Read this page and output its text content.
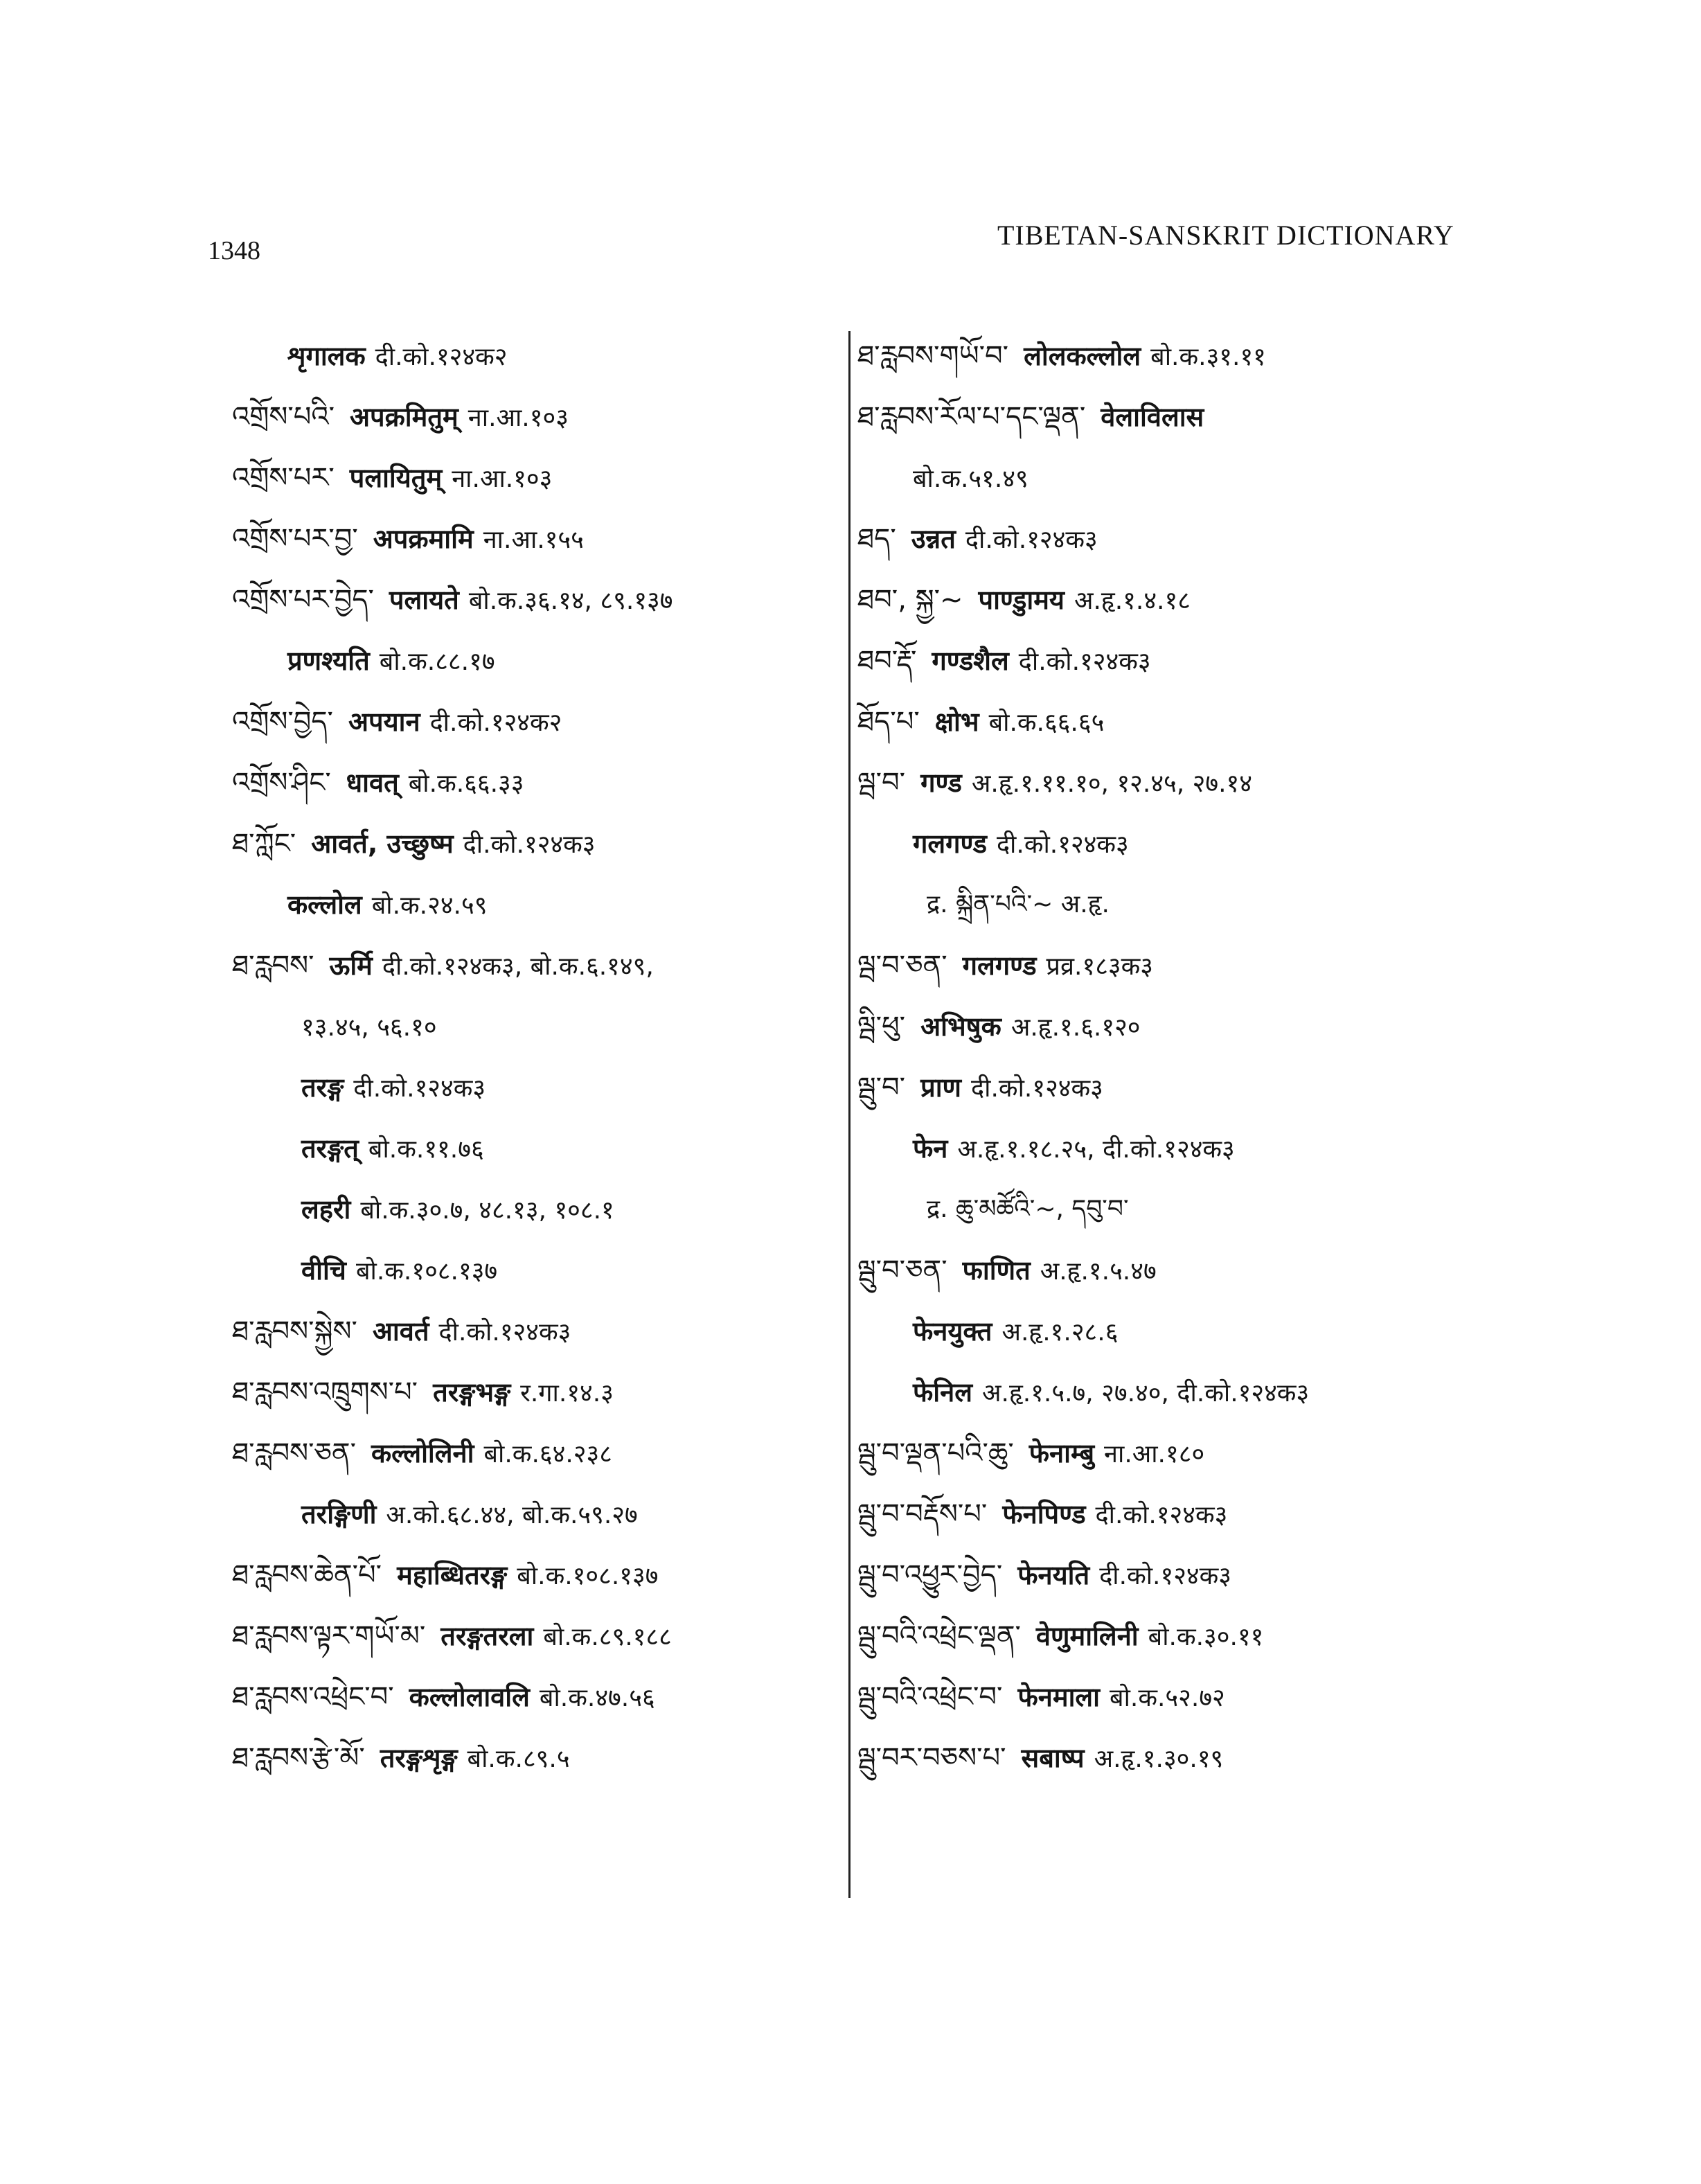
1348	TIBETAN-SANSKRIT DICTIONARY
शृगालक दी.को.१२४क२
འགྲོས་པའི་ अपक्रमितुम् ना.आ.१०३
འགྲོས་པར་ पलायितुम् ना.आ.१०३
འགྲོས་པར་བྱ་ अपक्रमामि ना.आ.१५५
འགྲོས་པར་བྱེད་ पलायते बो.क.३६.१४, ८९.१३७
प्रणश्यति बो.क.८८.१७
འགྲོས་བྱེད་ अपयान दी.को.१२४क२
འགྲོས་ཤིང་ धावत् बो.क.६६.३३
ཐ་ཀློང་ आवर्त, उच्छुष्म दी.को.१२४क३
कल्लोल बो.क.२४.५९
ཐ་རླབས་ ऊर्मि दी.को.१२४क३, बो.क.६.१४९,
१३.४५, ५६.१०
तरङ्ग दी.को.१२४क३
तरङ्गत् बो.क.११.७६
लहरी बो.क.३०.७, ४८.१३, १०८.१
वीचि बो.क.१०८.१३७
ཐ་རླབས་སྐྱེས་ आवर्त दी.को.१२४क३
ཐ་རླབས་འཁྲུགས་པ་ तरङ्गभङ्ग र.गा.१४.३
ཐ་རླབས་ཅན་ कल्लोलिनी बो.क.६४.२३८
तरङ्गिणी अ.को.६८.४४, बो.क.५९.२७
ཐ་རླབས་ཆེན་པོ་ महाब्धितरङ्ग बो.क.१०८.१३७
ཐ་རླབས་ལྟར་གཡོ་མ་ तरङ्गतरला बो.क.८९.१८८
ཐ་རླབས་འཕྲེང་བ་ कल्लोलावलि बो.क.४७.५६
ཐ་རླབས་རྩེ་མོ་ तरङ्गशृङ्ग बो.क.८९.५
ཐ་རླབས་གཡོ་བ་ लोलकल्लोल बो.क.३१.११
ཐ་རླབས་རོལ་པ་དང་ལྡན་ वेलाविलास
बो.क.५१.४९
ཐད་ उन्नत दी.को.१२४क३
ཐབ་, སྐྱ་~ पाण्डुामय अ.हृ.१.४.१८
ཐབ་རྡོ་ गण्डशैल दी.को.१२४क३
ཐོད་པ་ क्षोभ बो.क.६६.६५
ལྦ་བ་ गण्ड अ.हृ.१.११.१०, १२.४५, २७.१४
गलगण्ड दी.को.१२४क३
द्र. མྐྲིན་པའི་~ अ.हृ.
ལྦ་བ་ཅན་ गलगण्ड प्रव्र.१८३क३
ལྦི་ཕུ་ अभिषुक अ.हृ.१.६.१२०
ལྦུ་བ་ प्राण दी.को.१२४क३
फेन अ.हृ.१.१८.२५, दी.को.१२४क३
द्र. ཆུ་མཚོའི་~, དབུ་བ་
ལྦུ་བ་ཅན་ फाणित अ.हृ.१.५.४७
फेनयुक्त अ.हृ.१.२८.६
फेनिल अ.हृ.१.५.७, २७.४०, दी.को.१२४क३
ལྦུ་བ་ལྡན་པའི་ཆུ་ फेनाम्बु ना.आ.१८०
ལྦུ་བ་བརྡོས་པ་ फेनपिण्ड दी.को.१२४क३
ལྦུ་བ་འཕྱུར་བྱེད་ फेनयति दी.को.१२४क३
ལྦུ་བའི་འཕྲེང་ལྡན་ वेणुमालिनी बो.क.३०.११
ལྦུ་བའི་འཕྲེང་བ་ फेनमाला बो.क.५२.७२
ལྦུ་བར་བཅས་པ་ सबाष्प अ.हृ.१.३०.१९
